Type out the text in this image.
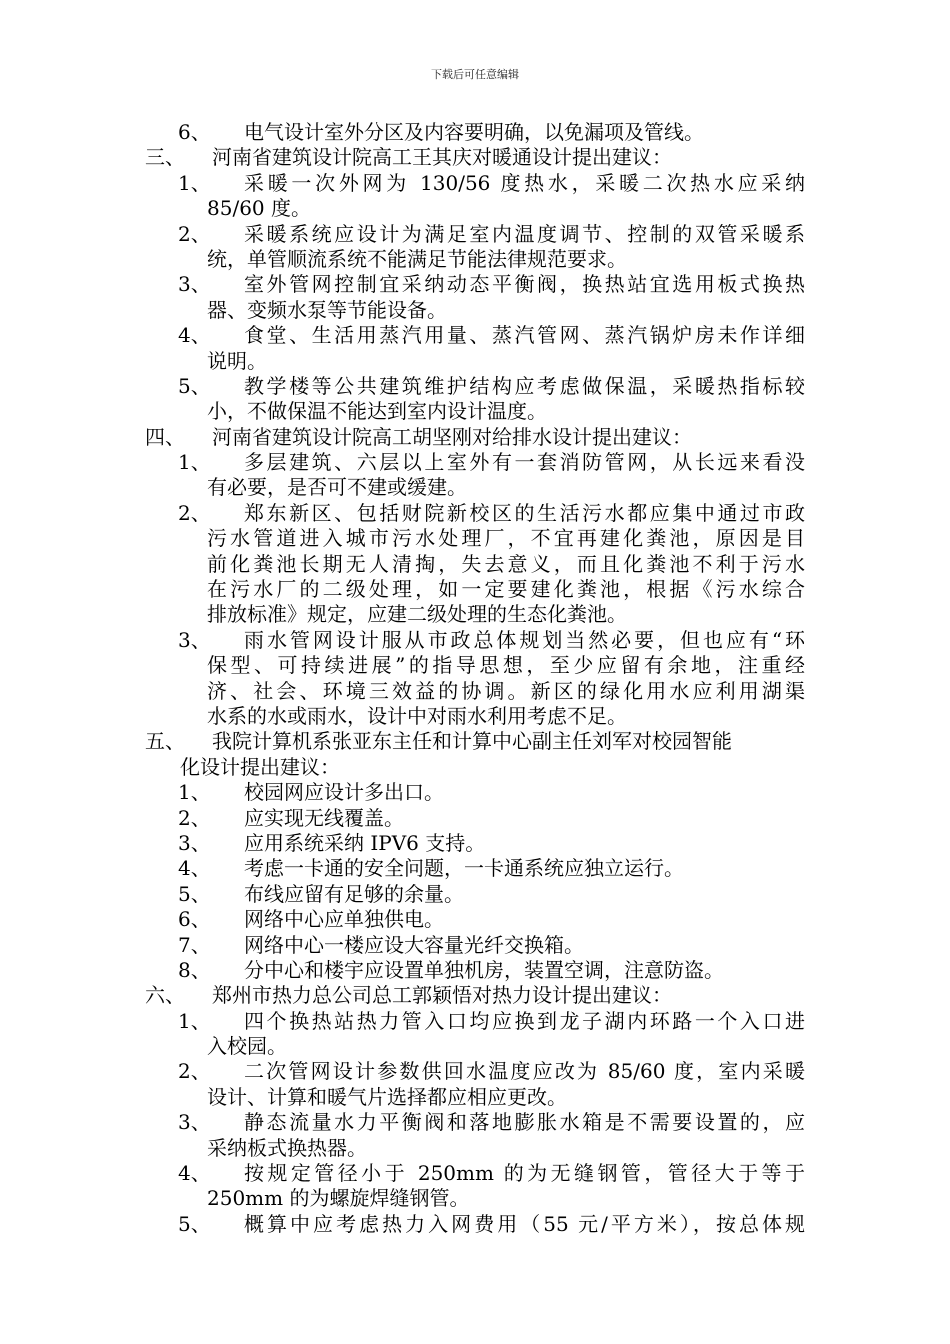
下载后可任意编辑
6、 电气设计室外分区及内容要明确，以免漏项及管线。
三、 河南省建筑设计院高工王其庆对暖通设计提出建议：
1、 采暖一次外网为 130/56 度热水，采暖二次热水应采纳
85/60 度。
2、 采暖系统应设计为满足室内温度调节、控制的双管采暖系
统，单管顺流系统不能满足节能法律规范要求。
3、 室外管网控制宜采纳动态平衡阀，换热站宜选用板式换热
器、变频水泵等节能设备。
4、 食堂、生活用蒸汽用量、蒸汽管网、蒸汽锅炉房未作详细
说明。
5、 教学楼等公共建筑维护结构应考虑做保温，采暖热指标较
小，不做保温不能达到室内设计温度。
四、 河南省建筑设计院高工胡坚刚对给排水设计提出建议：
1、 多层建筑、六层以上室外有一套消防管网，从长远来看没
有必要，是否可不建或缓建。
2、 郑东新区、包括财院新校区的生活污水都应集中通过市政
污水管道进入城市污水处理厂，不宜再建化粪池，原因是目
前化粪池长期无人清掏，失去意义，而且化粪池不利于污水
在污水厂的二级处理，如一定要建化粪池，根据《污水综合
排放标准》规定，应建二级处理的生态化粪池。
3、 雨水管网设计服从市政总体规划当然必要，但也应有“环
保型、可持续进展”的指导思想，至少应留有余地，注重经
济、社会、环境三效益的协调。新区的绿化用水应利用湖渠
水系的水或雨水，设计中对雨水利用考虑不足。
五、 我院计算机系张亚东主任和计算中心副主任刘军对校园智能
化设计提出建议：
1、 校园网应设计多出口。
2、 应实现无线覆盖。
3、 应用系统采纳 IPV6 支持。
4、 考虑一卡通的安全问题，一卡通系统应独立运行。
5、 布线应留有足够的余量。
6、 网络中心应单独供电。
7、 网络中心一楼应设大容量光纤交换箱。
8、 分中心和楼宇应设置单独机房，装置空调，注意防盗。
六、 郑州市热力总公司总工郭颖悟对热力设计提出建议：
1、 四个换热站热力管入口均应换到龙子湖内环路一个入口进
入校园。
2、 二次管网设计参数供回水温度应改为 85/60 度，室内采暖
设计、计算和暖气片选择都应相应更改。
3、 静态流量水力平衡阀和落地膨胀水箱是不需要设置的，应
采纳板式换热器。
4、 按规定管径小于 250mm 的为无缝钢管，管径大于等于
250mm 的为螺旋焊缝钢管。
5、 概算中应考虑热力入网费用（55 元/平方米），按总体规
